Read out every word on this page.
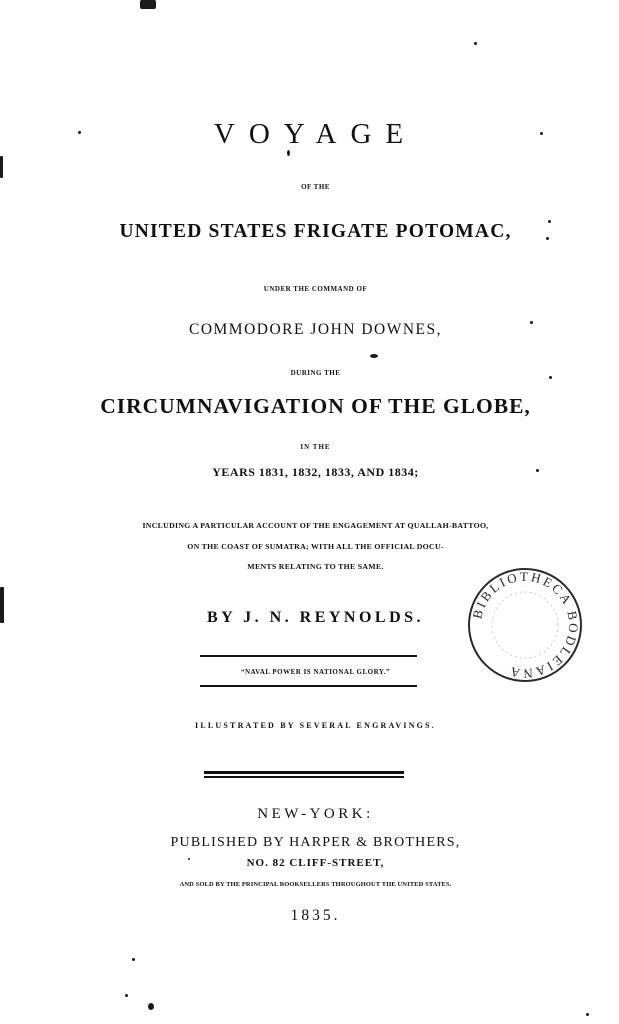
VOYAGE
OF THE
UNITED STATES FRIGATE POTOMAC,
UNDER THE COMMAND OF
COMMODORE JOHN DOWNES,
DURING THE
CIRCUMNAVIGATION OF THE GLOBE,
IN THE
YEARS 1831, 1832, 1833, AND 1834;
INCLUDING A PARTICULAR ACCOUNT OF THE ENGAGEMENT AT QUALLAH-BATTOO,
ON THE COAST OF SUMATRA; WITH ALL THE OFFICIAL DOCU-
MENTS RELATING TO THE SAME.
BY J. N. REYNOLDS.
“NAVAL POWER IS NATIONAL GLORY.”
ILLUSTRATED BY SEVERAL ENGRAVINGS.
NEW-YORK:
PUBLISHED BY HARPER & BROTHERS,
NO. 82 CLIFF-STREET,
AND SOLD BY THE PRINCIPAL BOOKSELLERS THROUGHOUT THE UNITED STATES.
1835.
BIBLIOTHECA BODLEIANA
